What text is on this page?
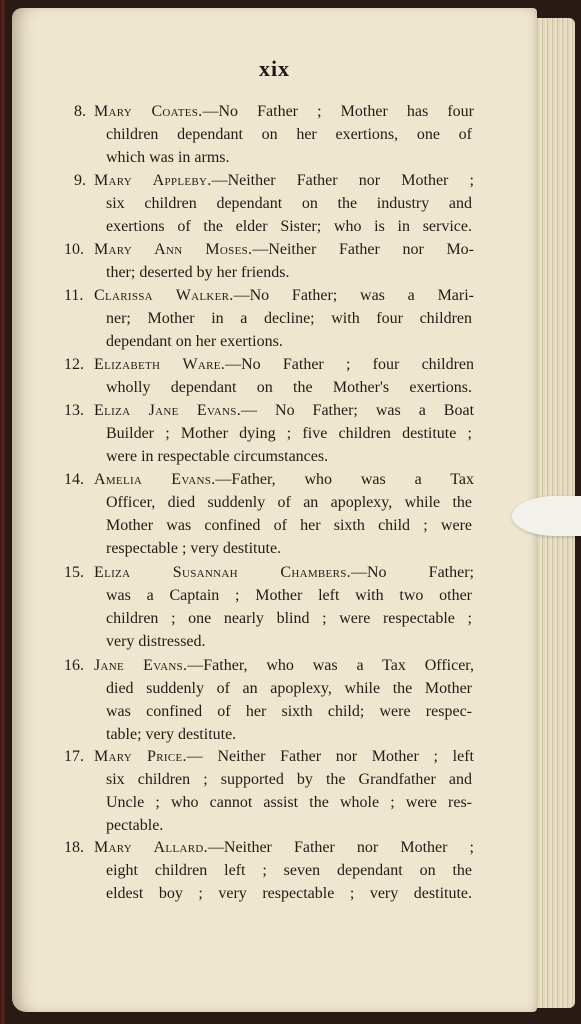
xix
8. Mary Coates.—No Father ; Mother has four
children dependant on her exertions, one of
which was in arms.
9. Mary Appleby.—Neither Father nor Mother ;
six children dependant on the industry and
exertions of the elder Sister; who is in service.
10. Mary Ann Moses.—Neither Father nor Mo-
ther; deserted by her friends.
11. Clarissa Walker.—No Father; was a Mari-
ner; Mother in a decline; with four children
dependant on her exertions.
12. Elizabeth Ware.—No Father ; four children
wholly dependant on the Mother's exertions.
13. Eliza Jane Evans.— No Father; was a Boat
Builder ; Mother dying ; five children destitute ;
were in respectable circumstances.
14. Amelia Evans.—Father, who was a Tax
Officer, died suddenly of an apoplexy, while the
Mother was confined of her sixth child ; were
respectable ; very destitute.
15. Eliza Susannah Chambers.—No Father;
was a Captain ; Mother left with two other
children ; one nearly blind ; were respectable ;
very distressed.
16. Jane Evans.—Father, who was a Tax Officer,
died suddenly of an apoplexy, while the Mother
was confined of her sixth child; were respec-
table; very destitute.
17. Mary Price.— Neither Father nor Mother ; left
six children ; supported by the Grandfather and
Uncle ; who cannot assist the whole ; were res-
pectable.
18. Mary Allard.—Neither Father nor Mother ;
eight children left ; seven dependant on the
eldest boy ; very respectable ; very destitute.
